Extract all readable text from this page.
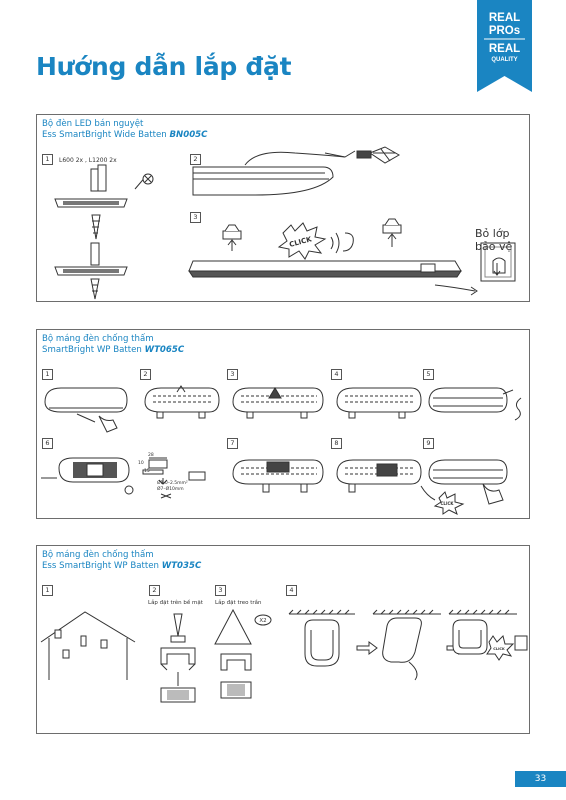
Hướng dẫn lắp đặt
REAL
PROs
REAL
QUALITY
Bộ đèn LED bán nguyệt
Ess SmartBright Wide Batten BN005C
1	L600 2x , L1200 2x	2
3
CLICK
Bỏ lớp
bảo vệ
Bộ máng đèn chống thấm
SmartBright WP Batten WT065C
1	2	3	4	5
6	7	8	9
CLICK
28
10
15
Ø1.0–2.5mm²
Ø7–Ø10mm
Bộ máng đèn chống thấm
Ess SmartBright WP Batten WT035C
1	2	3	4
Lắp đặt trên bề mặt Lắp đặt treo trần
X2
CLICK
33
